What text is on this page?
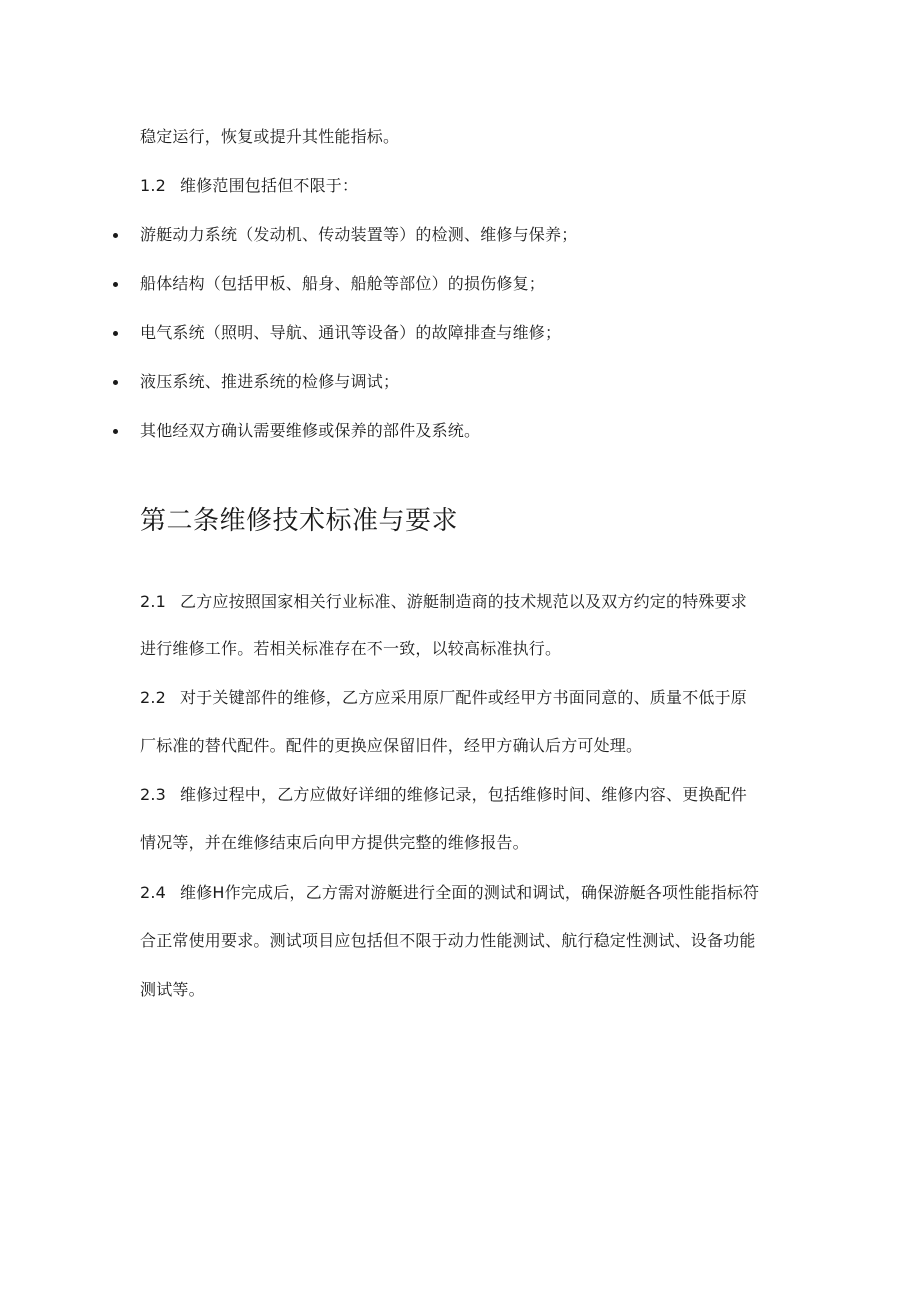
稳定运行，恢复或提升其性能指标。
1.2 维修范围包括但不限于：
游艇动力系统（发动机、传动装置等）的检测、维修与保养；
船体结构（包括甲板、船身、船舱等部位）的损伤修复；
电气系统（照明、导航、通讯等设备）的故障排查与维修；
液压系统、推进系统的检修与调试；
其他经双方确认需要维修或保养的部件及系统。
第二条维修技术标准与要求
2.1 乙方应按照国家相关行业标准、游艇制造商的技术规范以及双方约定的特殊要求
进行维修工作。若相关标准存在不一致，以较高标准执行。
2.2 对于关键部件的维修，乙方应采用原厂配件或经甲方书面同意的、质量不低于原
厂标准的替代配件。配件的更换应保留旧件，经甲方确认后方可处理。
2.3 维修过程中，乙方应做好详细的维修记录，包括维修时间、维修内容、更换配件
情况等，并在维修结束后向甲方提供完整的维修报告。
2.4 维修H作完成后，乙方需对游艇进行全面的测试和调试，确保游艇各项性能指标符
合正常使用要求。测试项目应包括但不限于动力性能测试、航行稳定性测试、设备功能
测试等。
